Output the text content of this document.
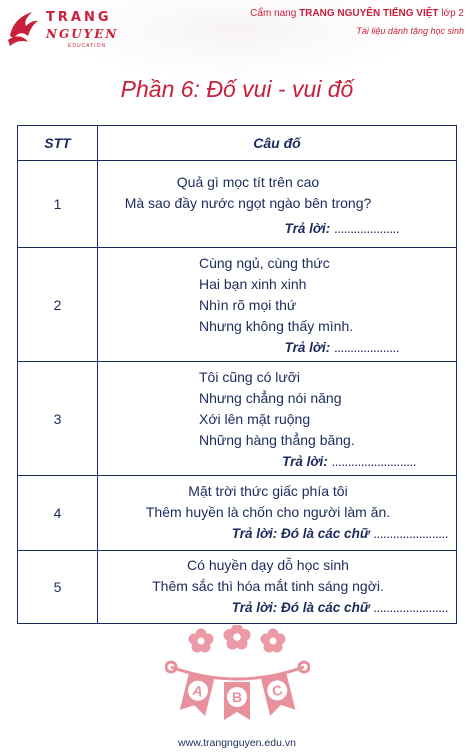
TRANG
NGUYEN
EDUCATION
Cẩm nang TRANG NGUYÊN TIẾNG VIỆT lớp 2
Tài liệu dành tặng học sinh
Phần 6: Đố vui - vui đố
STT	Câu đố
1	Quả gì mọc tít trên cao
Mà sao đầy nước ngọt ngào bên trong?
Trả lời: ....................

2	Cùng ngủ, cùng thức
Hai bạn xinh xinh
Nhìn rõ mọi thứ
Nhưng không thấy mình.
Trả lời: ....................

3	Tôi cũng có lưỡi
Nhưng chẳng nói năng
Xới lên mặt ruộng
Những hàng thẳng băng.
Trả lời: ..........................

4	Mặt trời thức giấc phía tôi
Thêm huyền là chốn cho người làm ăn.
Trả lời: Đó là các chữ .......................

5	Có huyền dạy dỗ học sinh
Thêm sắc thì hóa mắt tinh sáng ngời.
Trả lời: Đó là các chữ .......................
A B C
www.trangnguyen.edu.vn
